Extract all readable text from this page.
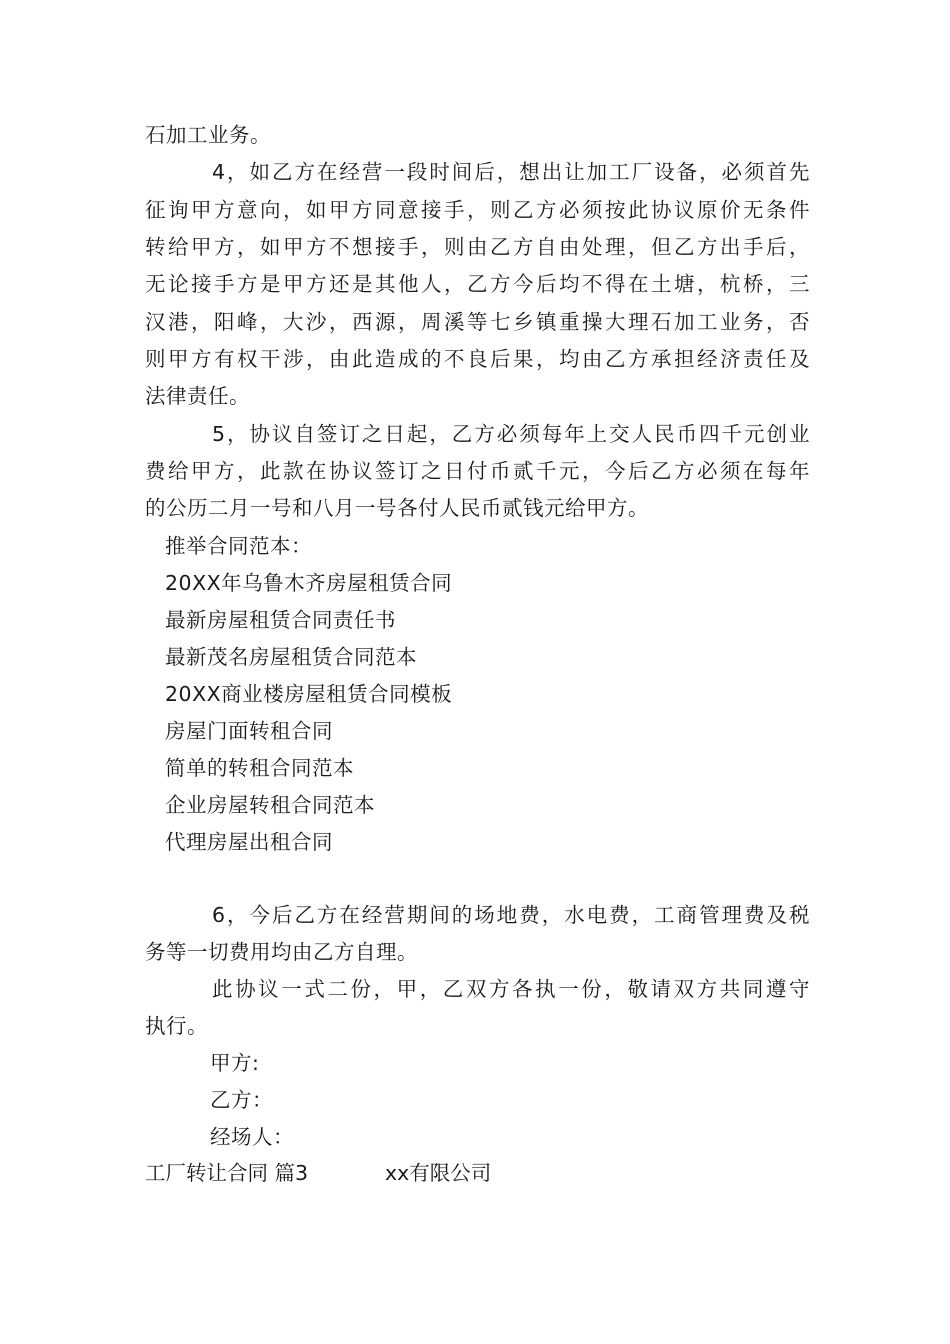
石加工业务。
4，如乙方在经营一段时间后，想出让加工厂设备，必须首先
征询甲方意向，如甲方同意接手，则乙方必须按此协议原价无条件
转给甲方，如甲方不想接手，则由乙方自由处理，但乙方出手后，
无论接手方是甲方还是其他人，乙方今后均不得在土塘，杭桥，三
汉港，阳峰，大沙，西源，周溪等七乡镇重操大理石加工业务，否
则甲方有权干涉，由此造成的不良后果，均由乙方承担经济责任及
法律责任。
5，协议自签订之日起，乙方必须每年上交人民币四千元创业
费给甲方，此款在协议签订之日付币贰千元，今后乙方必须在每年
的公历二月一号和八月一号各付人民币贰钱元给甲方。
推举合同范本：
20XX年乌鲁木齐房屋租赁合同
最新房屋租赁合同责任书
最新茂名房屋租赁合同范本
20XX商业楼房屋租赁合同模板
房屋门面转租合同
简单的转租合同范本
企业房屋转租合同范本
代理房屋出租合同
6，今后乙方在经营期间的场地费，水电费，工商管理费及税
务等一切费用均由乙方自理。
此协议一式二份，甲，乙双方各执一份，敬请双方共同遵守
执行。
甲方:
乙方：
经场人：
工厂转让合同 篇3	xx有限公司
